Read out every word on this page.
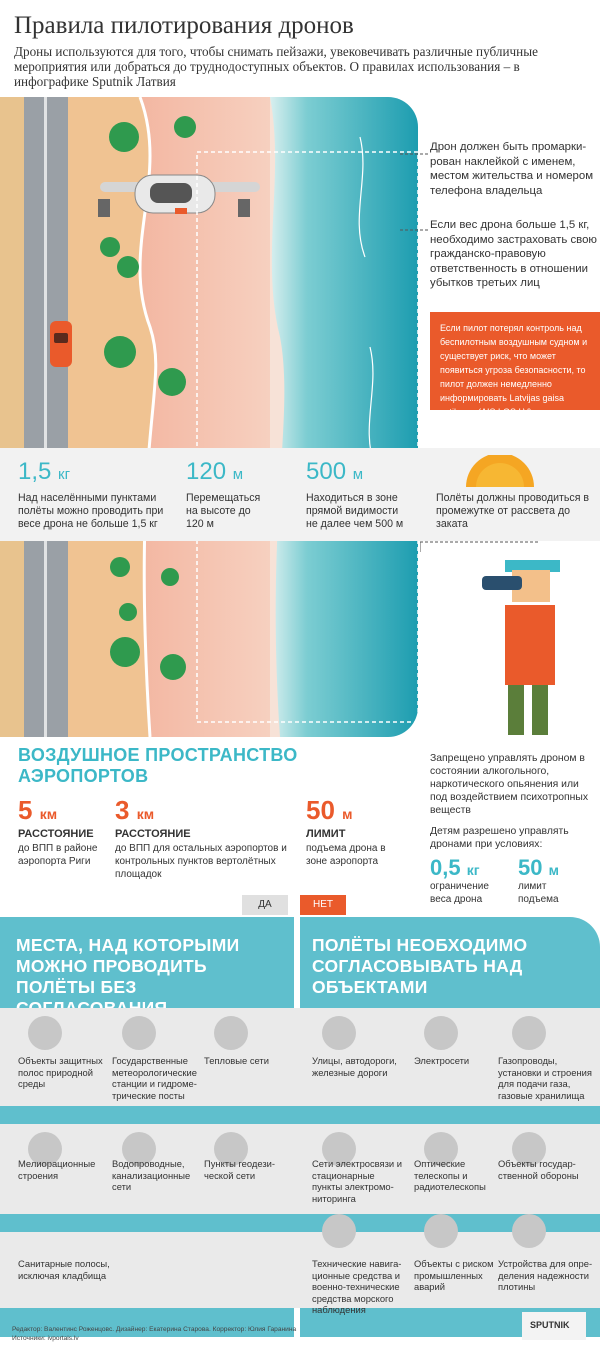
Правила пилотирования дронов
Дроны используются для того, чтобы снимать пейзажи, увековечивать различные публичные мероприятия или добраться до труднодоступных объектов. О правилах использования – в инфографике Sputnik Латвия
Дрон должен быть промарки-рован наклейкой с именем, местом жительства и номером телефона владельца
Если вес дрона больше 1,5 кг, необходимо застраховать свою гражданско-правовую ответственность в отношении убытков третьих лиц
Если пилот потерял контроль над беспилотным воздушным судном и существует риск, что может появиться угроза безопасности, то пилот должен немедленно информировать Latvijas gaisa satiksme (AIS.LGS.LV)
1,5 кг
Над населёнными пунктами полёты можно проводить при весе дрона не больше 1,5 кг
120 м
Перемещаться на высоте до 120 м
500 м
Находиться в зоне прямой видимости не далее чем 500 м
Полёты должны проводиться в промежутке от рассвета до заката
ВОЗДУШНОЕ ПРОСТРАНСТВО АЭРОПОРТОВ
5 км
РАССТОЯНИЕ
до ВПП в районе аэропорта Риги
3 км
РАССТОЯНИЕ
до ВПП для остальных аэропортов и контрольных пунктов вертолётных площадок
50 м
ЛИМИТ
подъема дрона в зоне аэропорта
Запрещено управлять дроном в состоянии алкогольного, наркотического опьянения или под воздействием психотропных веществ
Детям разрешено управлять дронами при условиях:
0,5 кг
ограничение веса дрона
50 м
лимит подъема
ДА	НЕТ
МЕСТА, НАД КОТОРЫМИ МОЖНО ПРОВОДИТЬ ПОЛЁТЫ БЕЗ
ПОЛЁТЫ НЕОБХОДИМО СОГЛАСОВЫВАТЬ НАД ОБЪЕКТАМИ
Объекты защитных полос природной среды
Государственные метеорологические станции и гидроме-трические посты
Тепловые сети
Мелиорационные строения
Водопроводные, канализационные сети
Пункты геодези-ческой сети
Санитарные полосы, исключая кладбища
Улицы, автодороги, железные дороги
Электросети	Газопроводы, установки и строения для подачи газа, газовые хранилища
Сети электросвязи и стационарные пункты электромо-ниторинга
Оптические телескопы и радиотелескопы
Объекты государ-ственной обороны
Технические навига-ционные средства и военно-технические средства морского наблюдения
Объекты с риском промышленных аварий
Устройства для опре-деления надежности плотины
Редактор: Валентинс Роженцовс. Дизайнер: Екатерина Старова. Корректор: Юлия Гаранина
Источники: ivportals.lv
SPUTNIK
